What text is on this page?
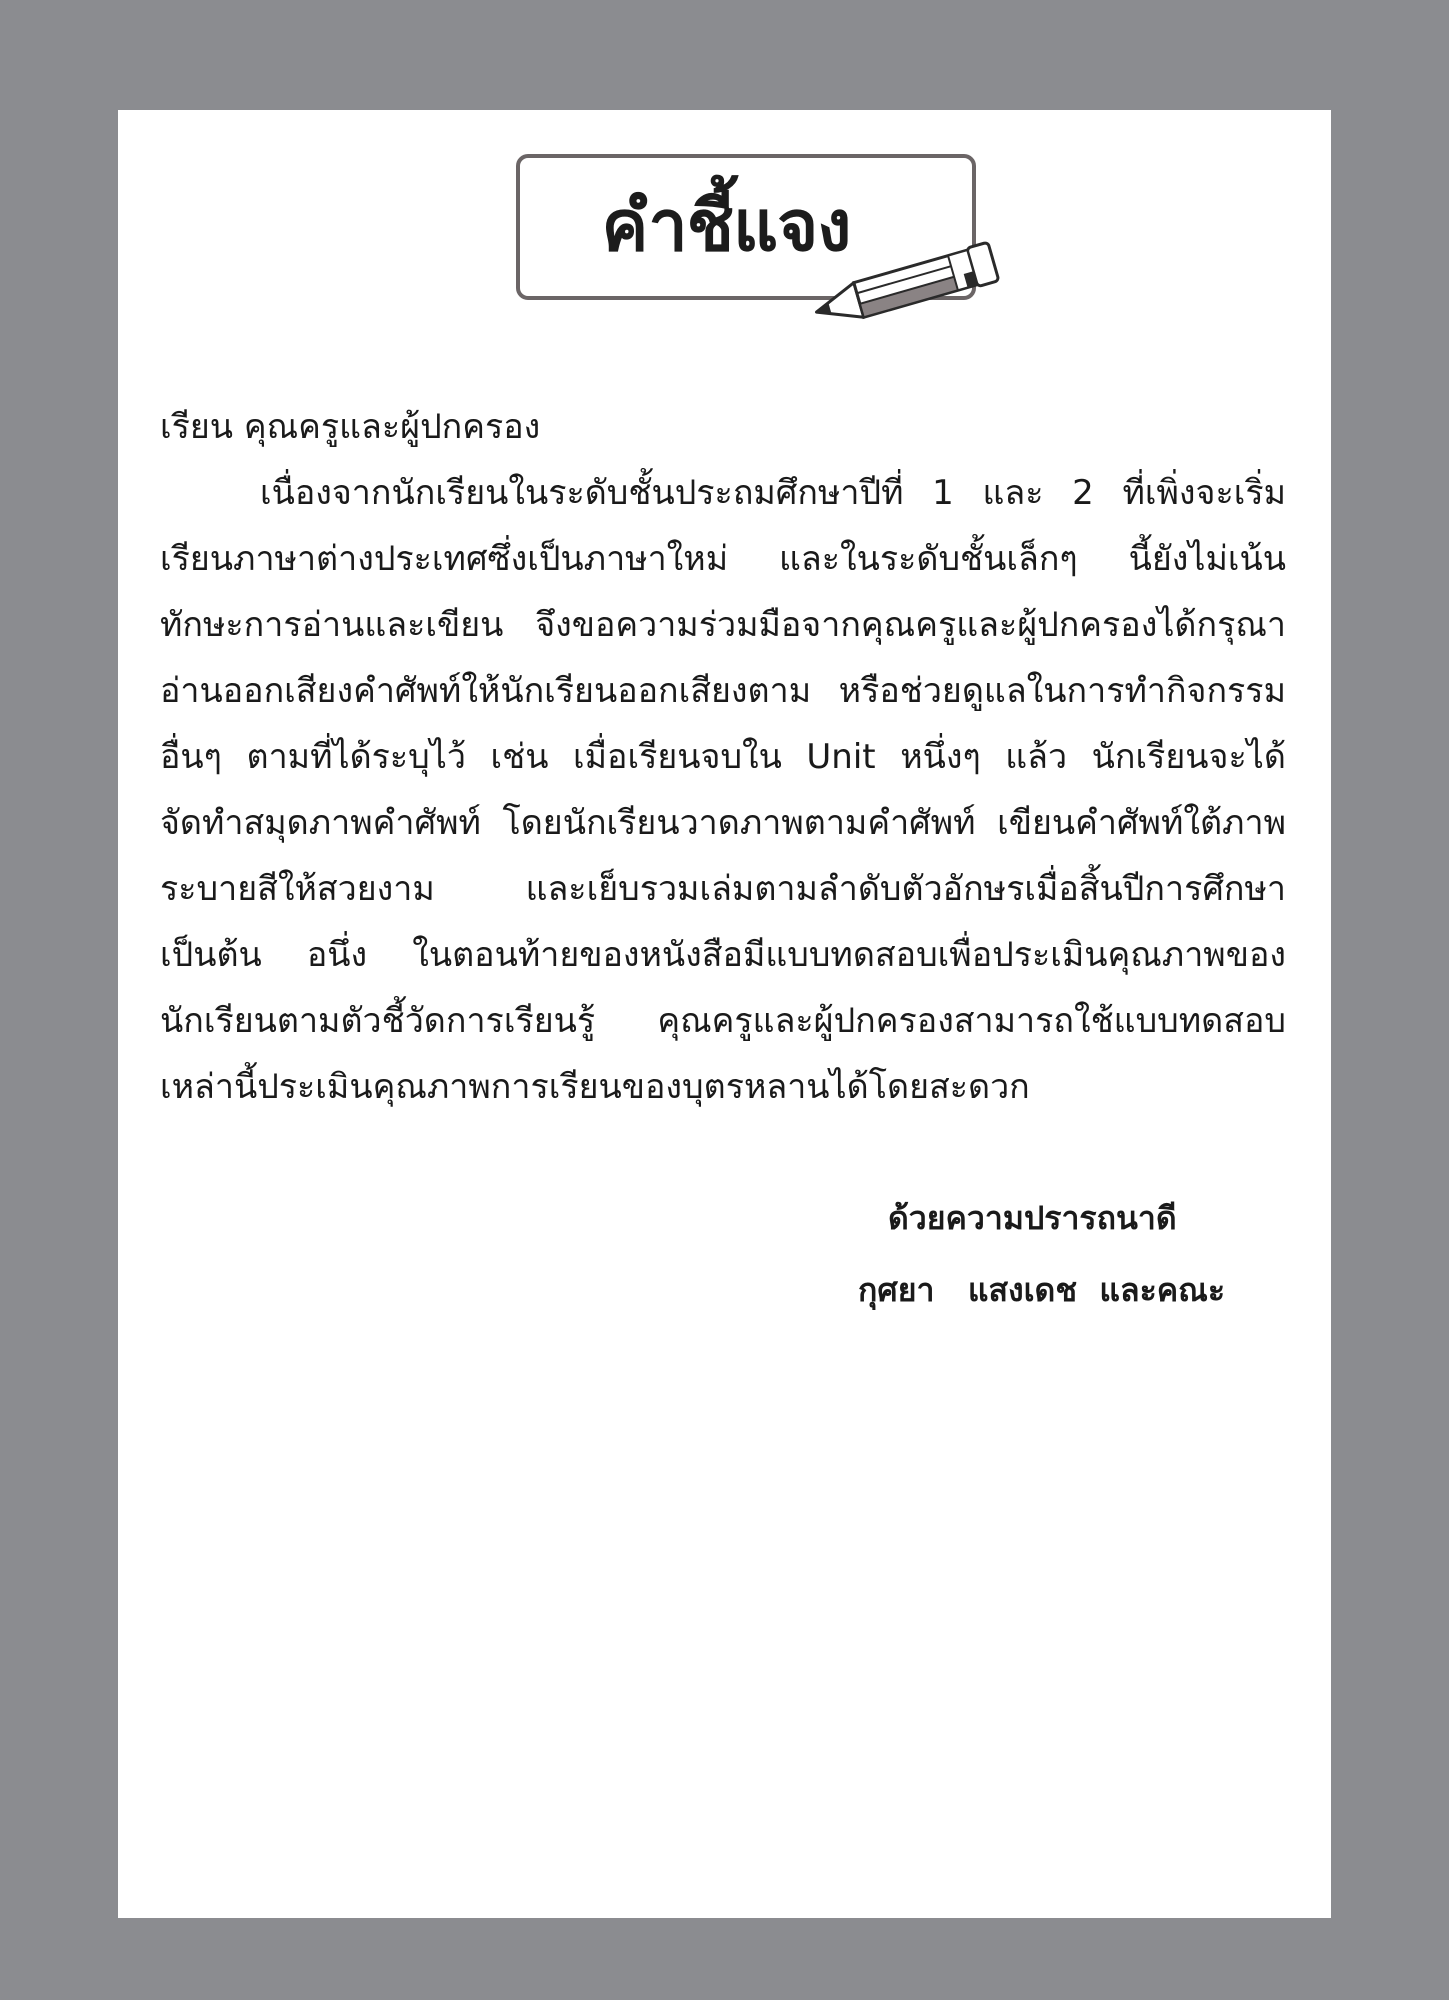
คำชี้แจง
เรียน คุณครูและผู้ปกครอง
เนื่องจากนักเรียนในระดับชั้นประถมศึกษาปีที่ 1 และ 2 ที่เพิ่งจะเริ่ม
เรียนภาษาต่างประเทศซึ่งเป็นภาษาใหม่ และในระดับชั้นเล็กๆ นี้ยังไม่เน้น
ทักษะการอ่านและเขียน จึงขอความร่วมมือจากคุณครูและผู้ปกครองได้กรุณา
อ่านออกเสียงคำศัพท์ให้นักเรียนออกเสียงตาม หรือช่วยดูแลในการทำกิจกรรม
อื่นๆ ตามที่ได้ระบุไว้ เช่น เมื่อเรียนจบใน Unit หนึ่งๆ แล้ว นักเรียนจะได้
จัดทำสมุดภาพคำศัพท์ โดยนักเรียนวาดภาพตามคำศัพท์ เขียนคำศัพท์ใต้ภาพ
ระบายสีให้สวยงาม	และเย็บรวมเล่มตามลำดับตัวอักษรเมื่อสิ้นปีการศึกษา
เป็นต้น อนึ่ง ในตอนท้ายของหนังสือมีแบบทดสอบเพื่อประเมินคุณภาพของ
นักเรียนตามตัวชี้วัดการเรียนรู้ คุณครูและผู้ปกครองสามารถใช้แบบทดสอบ
เหล่านี้ประเมินคุณภาพการเรียนของบุตรหลานได้โดยสะดวก
ด้วยความปรารถนาดี
กุศยา   แสงเดช  และคณะ
